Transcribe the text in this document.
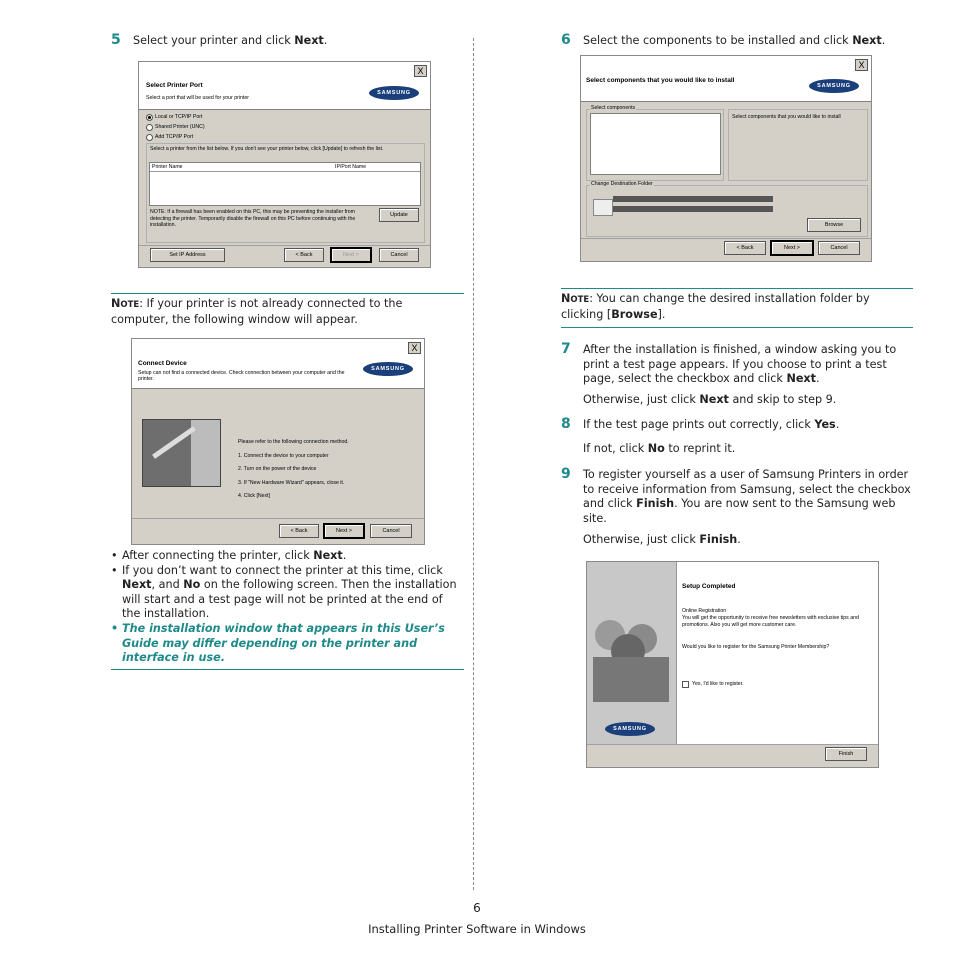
5 Select your printer and click Next.
Select Printer Port
Select a port that will be used for your printer
SAMSUNG
X
Local or TCP/IP Port
Shared Printer (UNC)
Add TCP/IP Port
Select a printer from the list below. If you don't see your printer below, click [Update] to refresh the list.
Printer Name	IP/Port Name
NOTE: If a firewall has been enabled on this PC, this may be preventing the installer from detecting the printer. Temporarily disable the firewall on this PC before continuing with the installation.
Update
Set IP Address	< Back	Next >	Cancel
NOTE: If your printer is not already connected to the computer, the following window will appear.
Connect Device
Setup can not find a connected device. Check connection between your computer and the printer.
SAMSUNG
X
Please refer to the following connection method.
1. Connect the device to your computer
2. Turn on the power of the device
3. If "New Hardware Wizard" appears, close it.
4. Click [Next]
< Back	Next >	Cancel
• After connecting the printer, click Next.
• If you don’t want to connect the printer at this time, click Next, and No on the following screen. Then the installation will start and a test page will not be printed at the end of the installation.
• The installation window that appears in this User’s Guide may differ depending on the printer and interface in use.
6 Select the components to be installed and click Next.
Select components that you would like to install
SAMSUNG
X
Select components
Select components that you would like to install
Change Destination Folder
Browse
< Back	Next >	Cancel
NOTE: You can change the desired installation folder by clicking [Browse].
7 After the installation is finished, a window asking you to print a test page appears. If you choose to print a test page, select the checkbox and click Next.
Otherwise, just click Next and skip to step 9.
8 If the test page prints out correctly, click Yes.
If not, click No to reprint it.
9 To register yourself as a user of Samsung Printers in order to receive information from Samsung, select the checkbox and click Finish. You are now sent to the Samsung web site.
Otherwise, just click Finish.
SAMSUNG
Setup Completed
Online Registration
You will get the opportunity to receive free newsletters with exclusive tips and promotions. Also you will get more customer care.
Would you like to register for the Samsung Printer Membership?
Yes, I'd like to register.
Finish
6
Installing Printer Software in Windows
